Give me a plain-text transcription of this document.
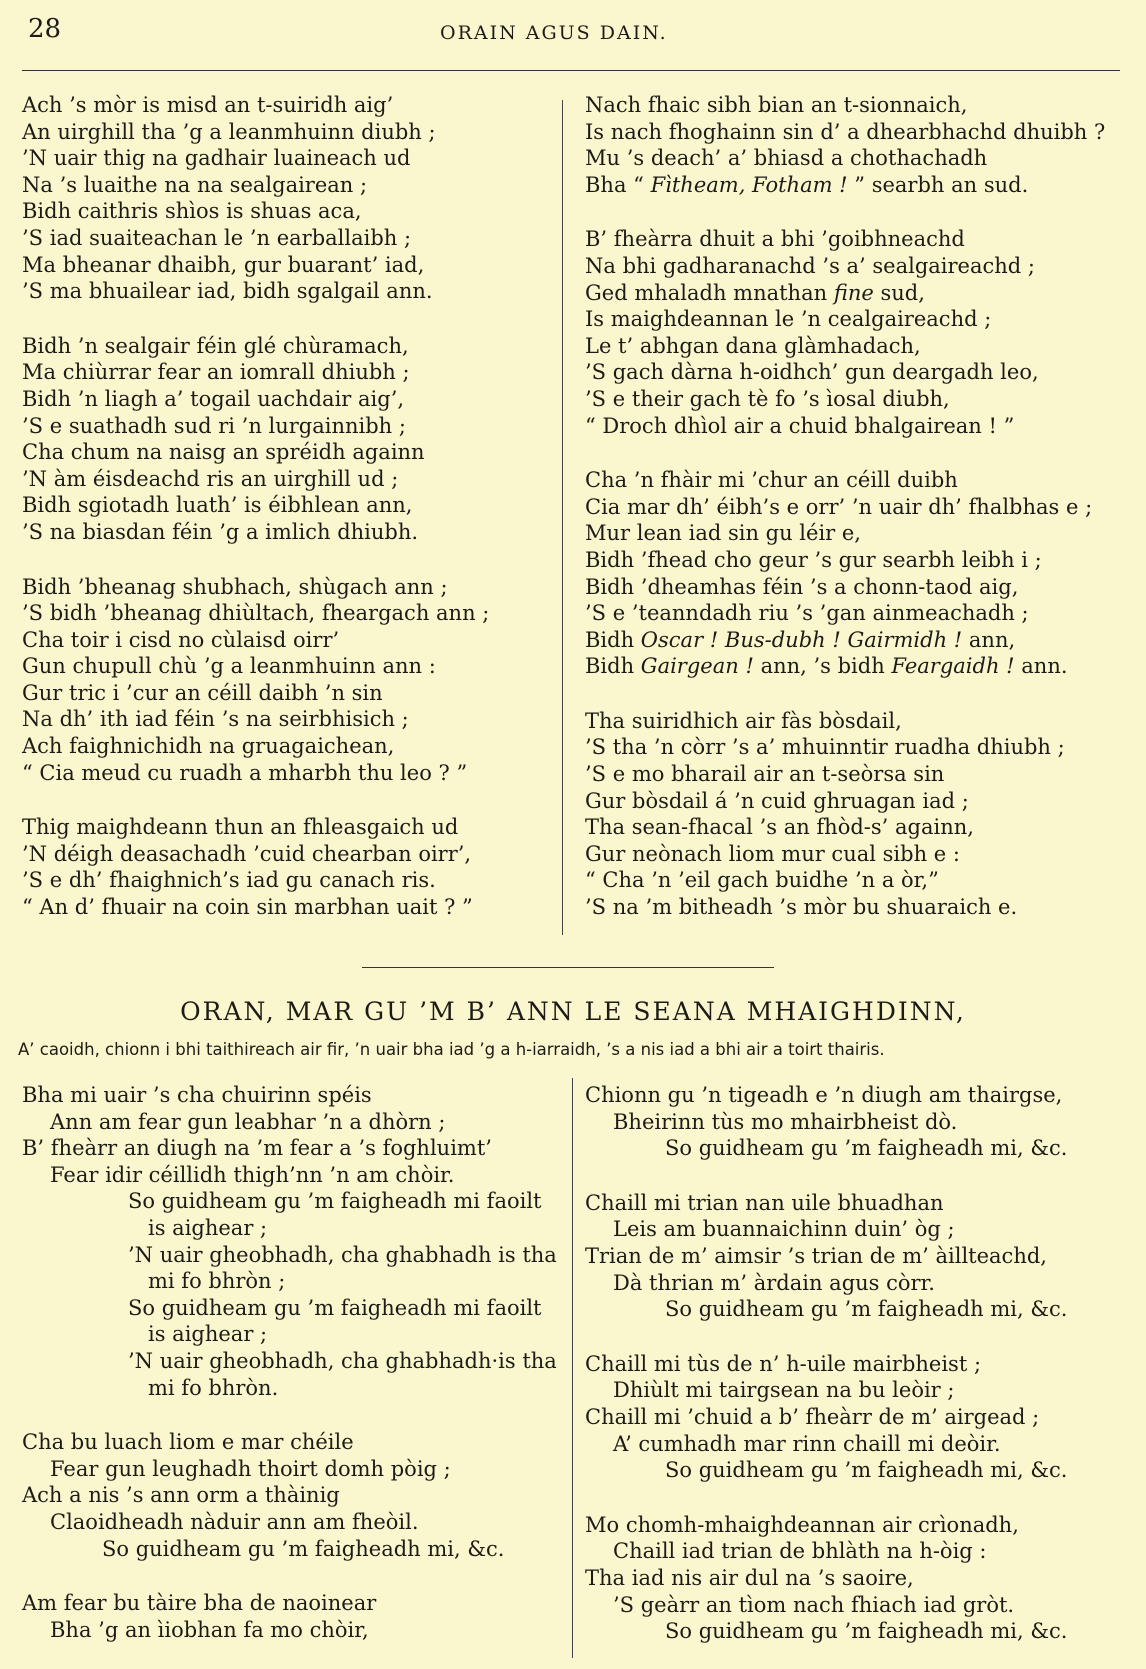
28	ORAIN AGUS DAIN.
Ach ’s mòr is misd an t-suiridh aig’
An uirghill tha ’g a leanmhuinn diubh ;
’N uair thig na gadhair luaineach ud
Na ’s luaithe na na sealgairean ;
Bidh caithris shìos is shuas aca,
’S iad suaiteachan le ’n earballaibh ;
Ma bheanar dhaibh, gur buarant’ iad,
’S ma bhuailear iad, bidh sgalgail ann.
Bidh ’n sealgair féin glé chùramach,
Ma chiùrrar fear an iomrall dhiubh ;
Bidh ’n liagh a’ togail uachdair aig’,
’S e suathadh sud ri ’n lurgainnibh ;
Cha chum na naisg an spréidh againn
’N àm éisdeachd ris an uirghill ud ;
Bidh sgiotadh luath’ is éibhlean ann,
’S na biasdan féin ’g a imlich dhiubh.
Bidh ’bheanag shubhach, shùgach ann ;
’S bidh ’bheanag dhiùltach, fheargach ann ;
Cha toir i cisd no cùlaisd oirr’
Gun chupull chù ’g a leanmhuinn ann :
Gur tric i ’cur an céill daibh ’n sin
Na dh’ ith iad féin ’s na seirbhisich ;
Ach faighnichidh na gruagaichean,
“ Cia meud cu ruadh a mharbh thu leo ? ”
Thig maighdeann thun an fhleasgaich ud
’N déigh deasachadh ’cuid chearban oirr’,
’S e dh’ fhaighnich’s iad gu canach ris.
“ An d’ fhuair na coin sin marbhan uait ? ”
Nach fhaic sibh bian an t-sionnaich,
Is nach fhoghainn sin d’ a dhearbhachd dhuibh ?
Mu ’s deach’ a’ bhiasd a chothachadh
Bha “ Fìtheam, Fotham ! ” searbh an sud.
B’ fheàrra dhuit a bhi ’goibhneachd
Na bhi gadharanachd ’s a’ sealgaireachd ;
Ged mhaladh mnathan fine sud,
Is maighdeannan le ’n cealgaireachd ;
Le t’ abhgan dana glàmhadach,
’S gach dàrna h-oidhch’ gun deargadh leo,
’S e their gach tè fo ’s ìosal diubh,
“ Droch dhìol air a chuid bhalgairean ! ”
Cha ’n fhàir mi ’chur an céill duibh
Cia mar dh’ éibh’s e orr’ ’n uair dh’ fhalbhas e ;
Mur lean iad sin gu léir e,
Bidh ’fhead cho geur ’s gur searbh leibh i ;
Bidh ’dheamhas féin ’s a chonn-taod aig,
’S e ’teanndadh riu ’s ’gan ainmeachadh ;
Bidh Oscar ! Bus-dubh ! Gairmidh ! ann,
Bidh Gairgean ! ann, ’s bidh Feargaidh ! ann.
Tha suiridhich air fàs bòsdail,
’S tha ’n còrr ’s a’ mhuinntir ruadha dhiubh ;
’S e mo bharail air an t-seòrsa sin
Gur bòsdail á ’n cuid ghruagan iad ;
Tha sean-fhacal ’s an fhòd-s’ againn,
Gur neònach liom mur cual sibh e :
“ Cha ’n ’eil gach buidhe ’n a òr,”
’S na ’m bitheadh ’s mòr bu shuaraich e.
ORAN, MAR GU ’M B’ ANN LE SEANA MHAIGHDINN,
A’ caoidh, chionn i bhi taithireach air fir, ’n uair bha iad ’g a h-iarraidh, ’s a nis iad a bhi air a toirt thairis.
Bha mi uair ’s cha chuirinn spéis
Ann am fear gun leabhar ’n a dhòrn ;
B’ fheàrr an diugh na ’m fear a ’s foghluimt’
Fear idir céillidh thigh’nn ’n am chòir.
So guidheam gu ’m faigheadh mi faoilt
is aighear ;
’N uair gheobhadh, cha ghabhadh is tha
mi fo bhròn ;
So guidheam gu ’m faigheadh mi faoilt
is aighear ;
’N uair gheobhadh, cha ghabhadh·is tha
mi fo bhròn.
Cha bu luach liom e mar chéile
Fear gun leughadh thoirt domh pòig ;
Ach a nis ’s ann orm a thàinig
Claoidheadh nàduir ann am fheòil.
So guidheam gu ’m faigheadh mi, &c.
Am fear bu tàire bha de naoinear
Bha ’g an ìiobhan fa mo chòir,
Chionn gu ’n tigeadh e ’n diugh am thairgse,
Bheirinn tùs mo mhairbheist dò.
So guidheam gu ’m faigheadh mi, &c.
Chaill mi trian nan uile bhuadhan
Leis am buannaichinn duin’ òg ;
Trian de m’ aimsir ’s trian de m’ àillteachd,
Dà thrian m’ àrdain agus còrr.
So guidheam gu ’m faigheadh mi, &c.
Chaill mi tùs de n’ h-uile mairbheist ;
Dhiùlt mi tairgsean na bu leòir ;
Chaill mi ’chuid a b’ fheàrr de m’ airgead ;
A’ cumhadh mar rinn chaill mi deòir.
So guidheam gu ’m faigheadh mi, &c.
Mo chomh-mhaighdeannan air crìonadh,
Chaill iad trian de bhlàth na h-òig :
Tha iad nis air dul na ’s saoire,
’S geàrr an tìom nach fhiach iad gròt.
So guidheam gu ’m faigheadh mi, &c.
